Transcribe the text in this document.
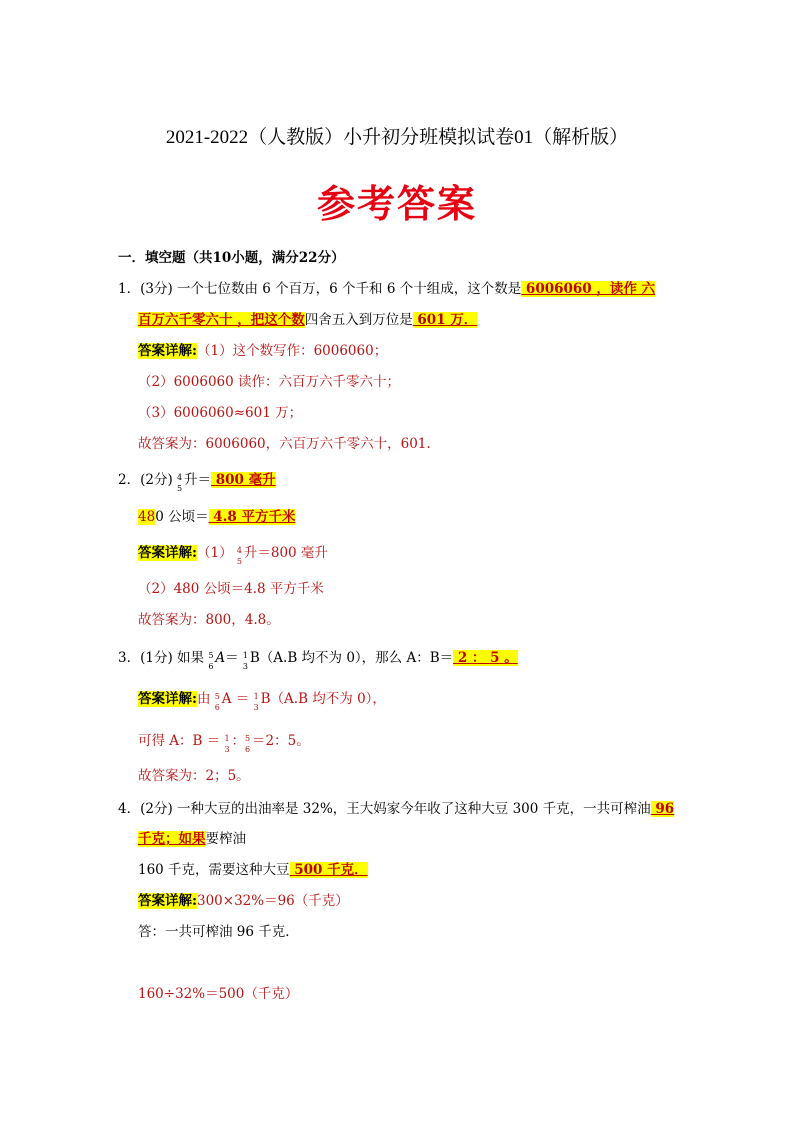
2021-2022（人教版）小升初分班模拟试卷01（解析版）
参考答案
一．填空题（共10小题，满分22分）
1．(3分) 一个七位数由 6 个百万，6 个千和 6 个十组成，这个数是 6006060 ，读作 六
百万六千零六十 ，把这个数四舍五入到万位是 601 万．
答案详解:（1）这个数写作：6006060；
（2）6006060 读作：六百万六千零六十；
（3）6006060≈601 万；
故答案为：6006060，六百万六千零六十，601.
2．(2分) 4
5 升＝ 800 毫升
480 公顷＝ 4.8 平方千米
答案详解:（1） 4
5 升＝800 毫升
（2）480 公顷＝4.8 平方千米
故答案为：800，4.8。
3．(1分) 如果 5
6 A＝ 1
3 B（A.B 均不为 0），那么 A：B＝ 2 ： 5 。
答案详解:由 5
6 A ＝ 1
3 B（A.B 均不为 0），
可得 A：B ＝ 1
3 ： 5
6 ＝2：5。
故答案为：2；5。
4．(2分) 一种大豆的出油率是 32%，王大妈家今年收了这种大豆 300 千克，一共可榨油 96
千克；如果要榨油
160 千克，需要这种大豆 500 千克．
答案详解:300×32%＝96（千克）
答：一共可榨油 96 千克．
160÷32%＝500（千克）
